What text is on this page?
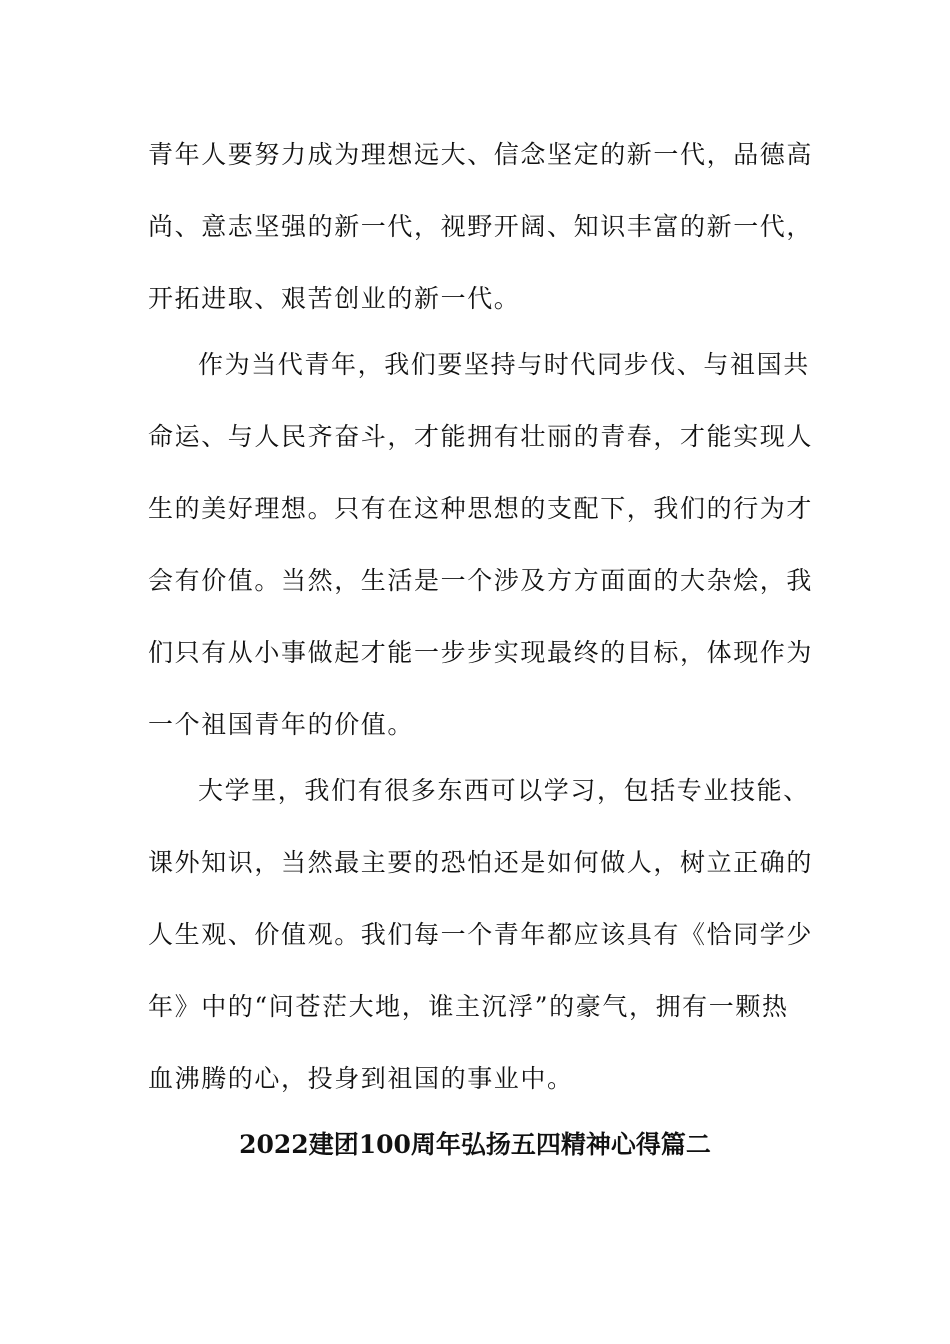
青年人要努力成为理想远大、信念坚定的新一代，品德高
尚、意志坚强的新一代，视野开阔、知识丰富的新一代，
开拓进取、艰苦创业的新一代。
作为当代青年，我们要坚持与时代同步伐、与祖国共
命运、与人民齐奋斗，才能拥有壮丽的青春，才能实现人
生的美好理想。只有在这种思想的支配下，我们的行为才
会有价值。当然，生活是一个涉及方方面面的大杂烩，我
们只有从小事做起才能一步步实现最终的目标，体现作为
一个祖国青年的价值。
大学里，我们有很多东西可以学习，包括专业技能、
课外知识，当然最主要的恐怕还是如何做人，树立正确的
人生观、价值观。我们每一个青年都应该具有《恰同学少
年》中的“问苍茫大地，谁主沉浮”的豪气，拥有一颗热
血沸腾的心，投身到祖国的事业中。
2022建团100周年弘扬五四精神心得篇二
